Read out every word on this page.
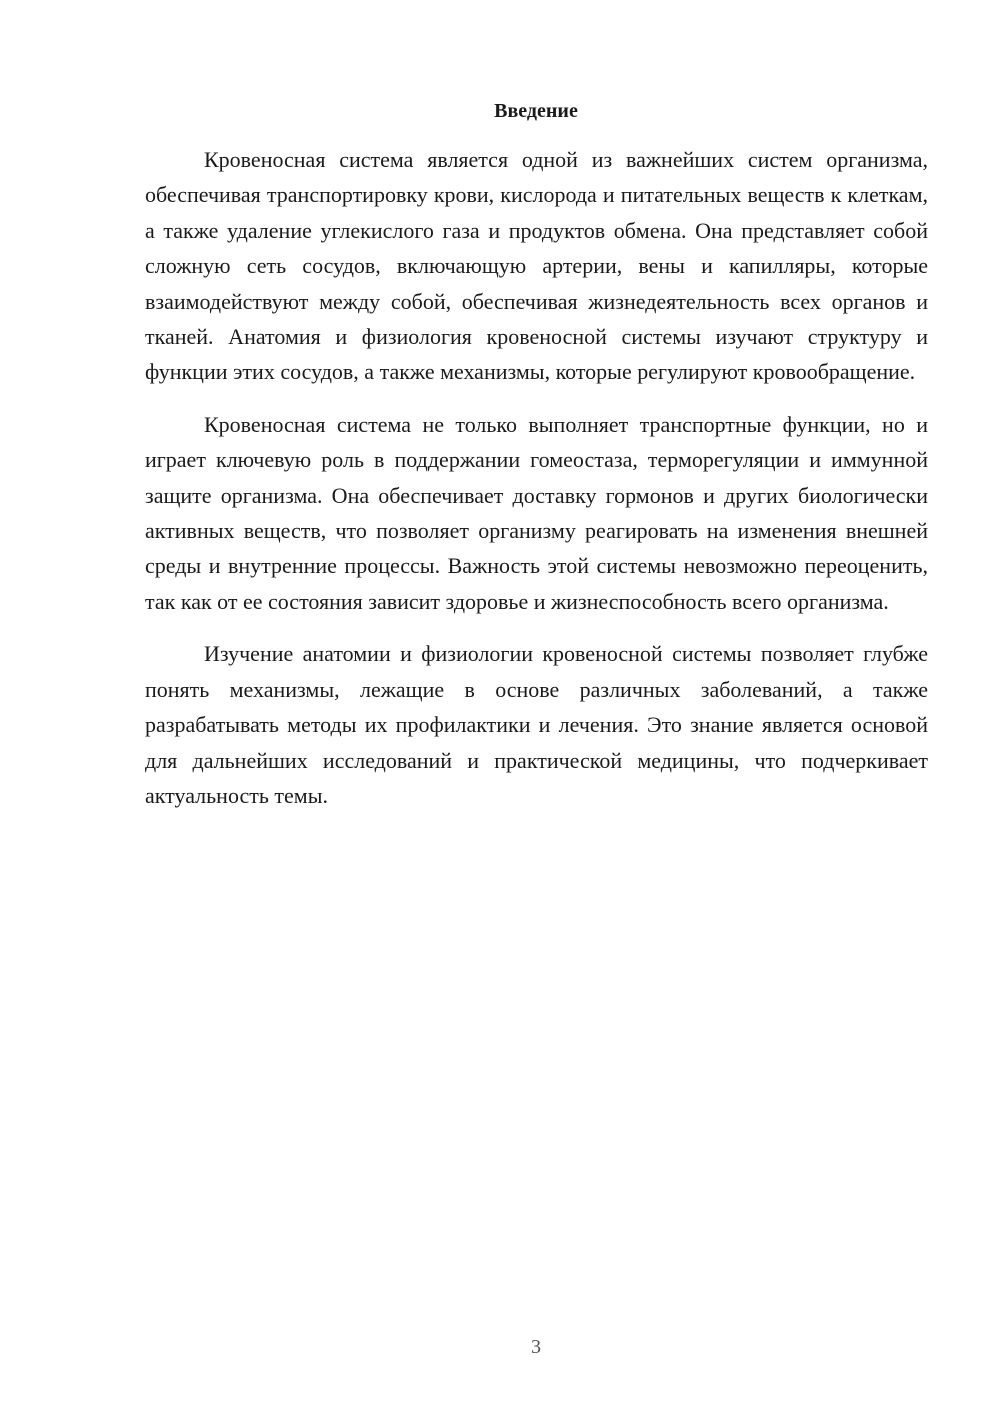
Введение

Кровеносная система является одной из важнейших систем организма, обеспечивая транспортировку крови, кислорода и питательных веществ к клеткам, а также удаление углекислого газа и продуктов обмена. Она представляет собой сложную сеть сосудов, включающую артерии, вены и капилляры, которые взаимодействуют между собой, обеспечивая жизнедеятельность всех органов и тканей. Анатомия и физиология кровеносной системы изучают структуру и функции этих сосудов, а также механизмы, которые регулируют кровообращение.

Кровеносная система не только выполняет транспортные функции, но и играет ключевую роль в поддержании гомеостаза, терморегуляции и иммунной защите организма. Она обеспечивает доставку гормонов и других биологически активных веществ, что позволяет организму реагировать на изменения внешней среды и внутренние процессы. Важность этой системы невозможно переоценить, так как от ее состояния зависит здоровье и жизнеспособность всего организма.

Изучение анатомии и физиологии кровеносной системы позволяет глубже понять механизмы, лежащие в основе различных заболеваний, а также разрабатывать методы их профилактики и лечения. Это знание является основой для дальнейших исследований и практической медицины, что подчеркивает актуальность темы.

3
